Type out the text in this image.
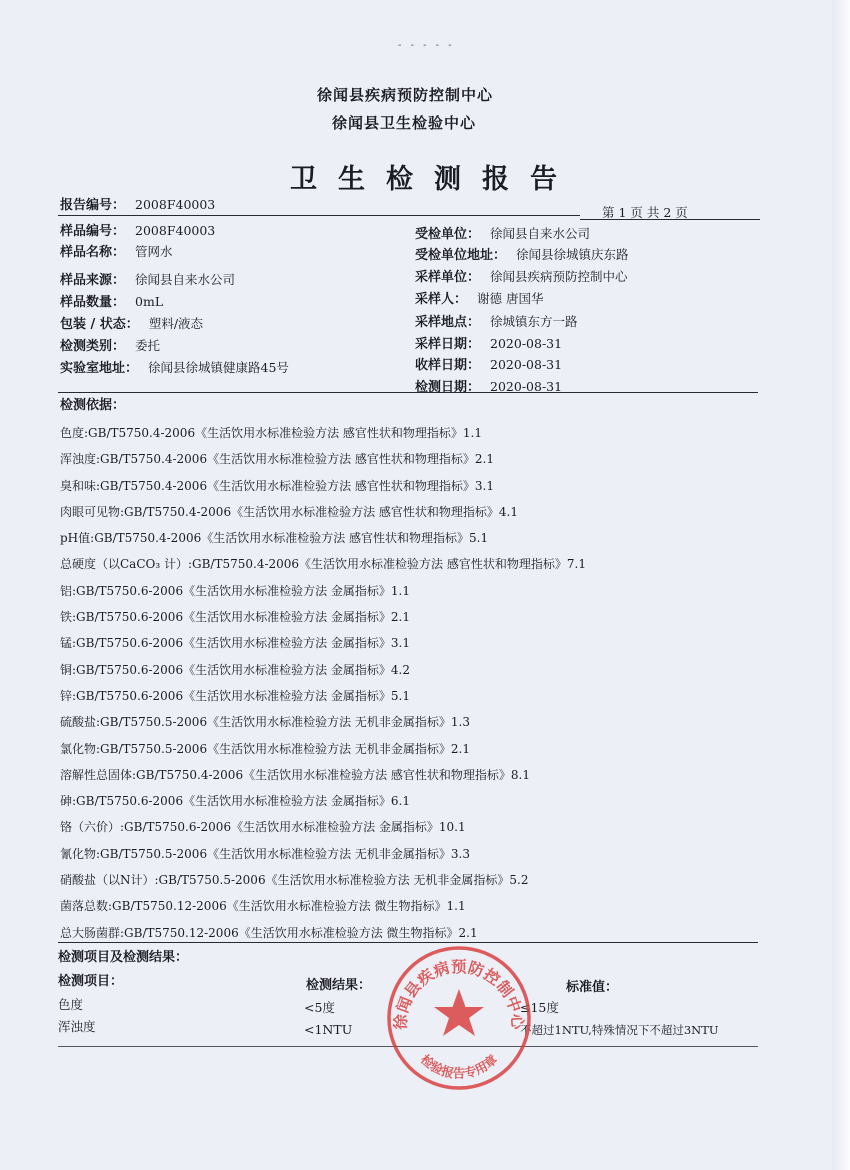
- - - - -
徐闻县疾病预防控制中心
徐闻县卫生检验中心
卫生检测报告
报告编号： 2008F40003
第 1 页 共 2 页
样品编号： 2008F40003
样品名称： 管网水
样品来源： 徐闻县自来水公司
样品数量： 0mL
包装 / 状态： 塑料/液态
检测类别： 委托
实验室地址： 徐闻县徐城镇健康路45号
受检单位： 徐闻县自来水公司
受检单位地址： 徐闻县徐城镇庆东路
采样单位： 徐闻县疾病预防控制中心
采样人： 谢德 唐国华
采样地点： 徐城镇东方一路
采样日期： 2020-08-31
收样日期： 2020-08-31
检测日期： 2020-08-31
检测依据：
色度:GB/T5750.4-2006《生活饮用水标准检验方法 感官性状和物理指标》1.1
浑浊度:GB/T5750.4-2006《生活饮用水标准检验方法 感官性状和物理指标》2.1
臭和味:GB/T5750.4-2006《生活饮用水标准检验方法 感官性状和物理指标》3.1
肉眼可见物:GB/T5750.4-2006《生活饮用水标准检验方法 感官性状和物理指标》4.1
pH值:GB/T5750.4-2006《生活饮用水标准检验方法 感官性状和物理指标》5.1
总硬度（以CaCO₃ 计）:GB/T5750.4-2006《生活饮用水标准检验方法 感官性状和物理指标》7.1
铝:GB/T5750.6-2006《生活饮用水标准检验方法 金属指标》1.1
铁:GB/T5750.6-2006《生活饮用水标准检验方法 金属指标》2.1
锰:GB/T5750.6-2006《生活饮用水标准检验方法 金属指标》3.1
铜:GB/T5750.6-2006《生活饮用水标准检验方法 金属指标》4.2
锌:GB/T5750.6-2006《生活饮用水标准检验方法 金属指标》5.1
硫酸盐:GB/T5750.5-2006《生活饮用水标准检验方法 无机非金属指标》1.3
氯化物:GB/T5750.5-2006《生活饮用水标准检验方法 无机非金属指标》2.1
溶解性总固体:GB/T5750.4-2006《生活饮用水标准检验方法 感官性状和物理指标》8.1
砷:GB/T5750.6-2006《生活饮用水标准检验方法 金属指标》6.1
铬（六价）:GB/T5750.6-2006《生活饮用水标准检验方法 金属指标》10.1
氰化物:GB/T5750.5-2006《生活饮用水标准检验方法 无机非金属指标》3.3
硝酸盐（以N计）:GB/T5750.5-2006《生活饮用水标准检验方法 无机非金属指标》5.2
菌落总数:GB/T5750.12-2006《生活饮用水标准检验方法 微生物指标》1.1
总大肠菌群:GB/T5750.12-2006《生活饮用水标准检验方法 微生物指标》2.1
检测项目及检测结果：
检测项目：	检测结果：	标准值：
色度	<5度	≤15度
浑浊度	<1NTU	不超过1NTU,特殊情况下不超过3NTU
徐闻县疾病预防控制中心
检验报告专用章
